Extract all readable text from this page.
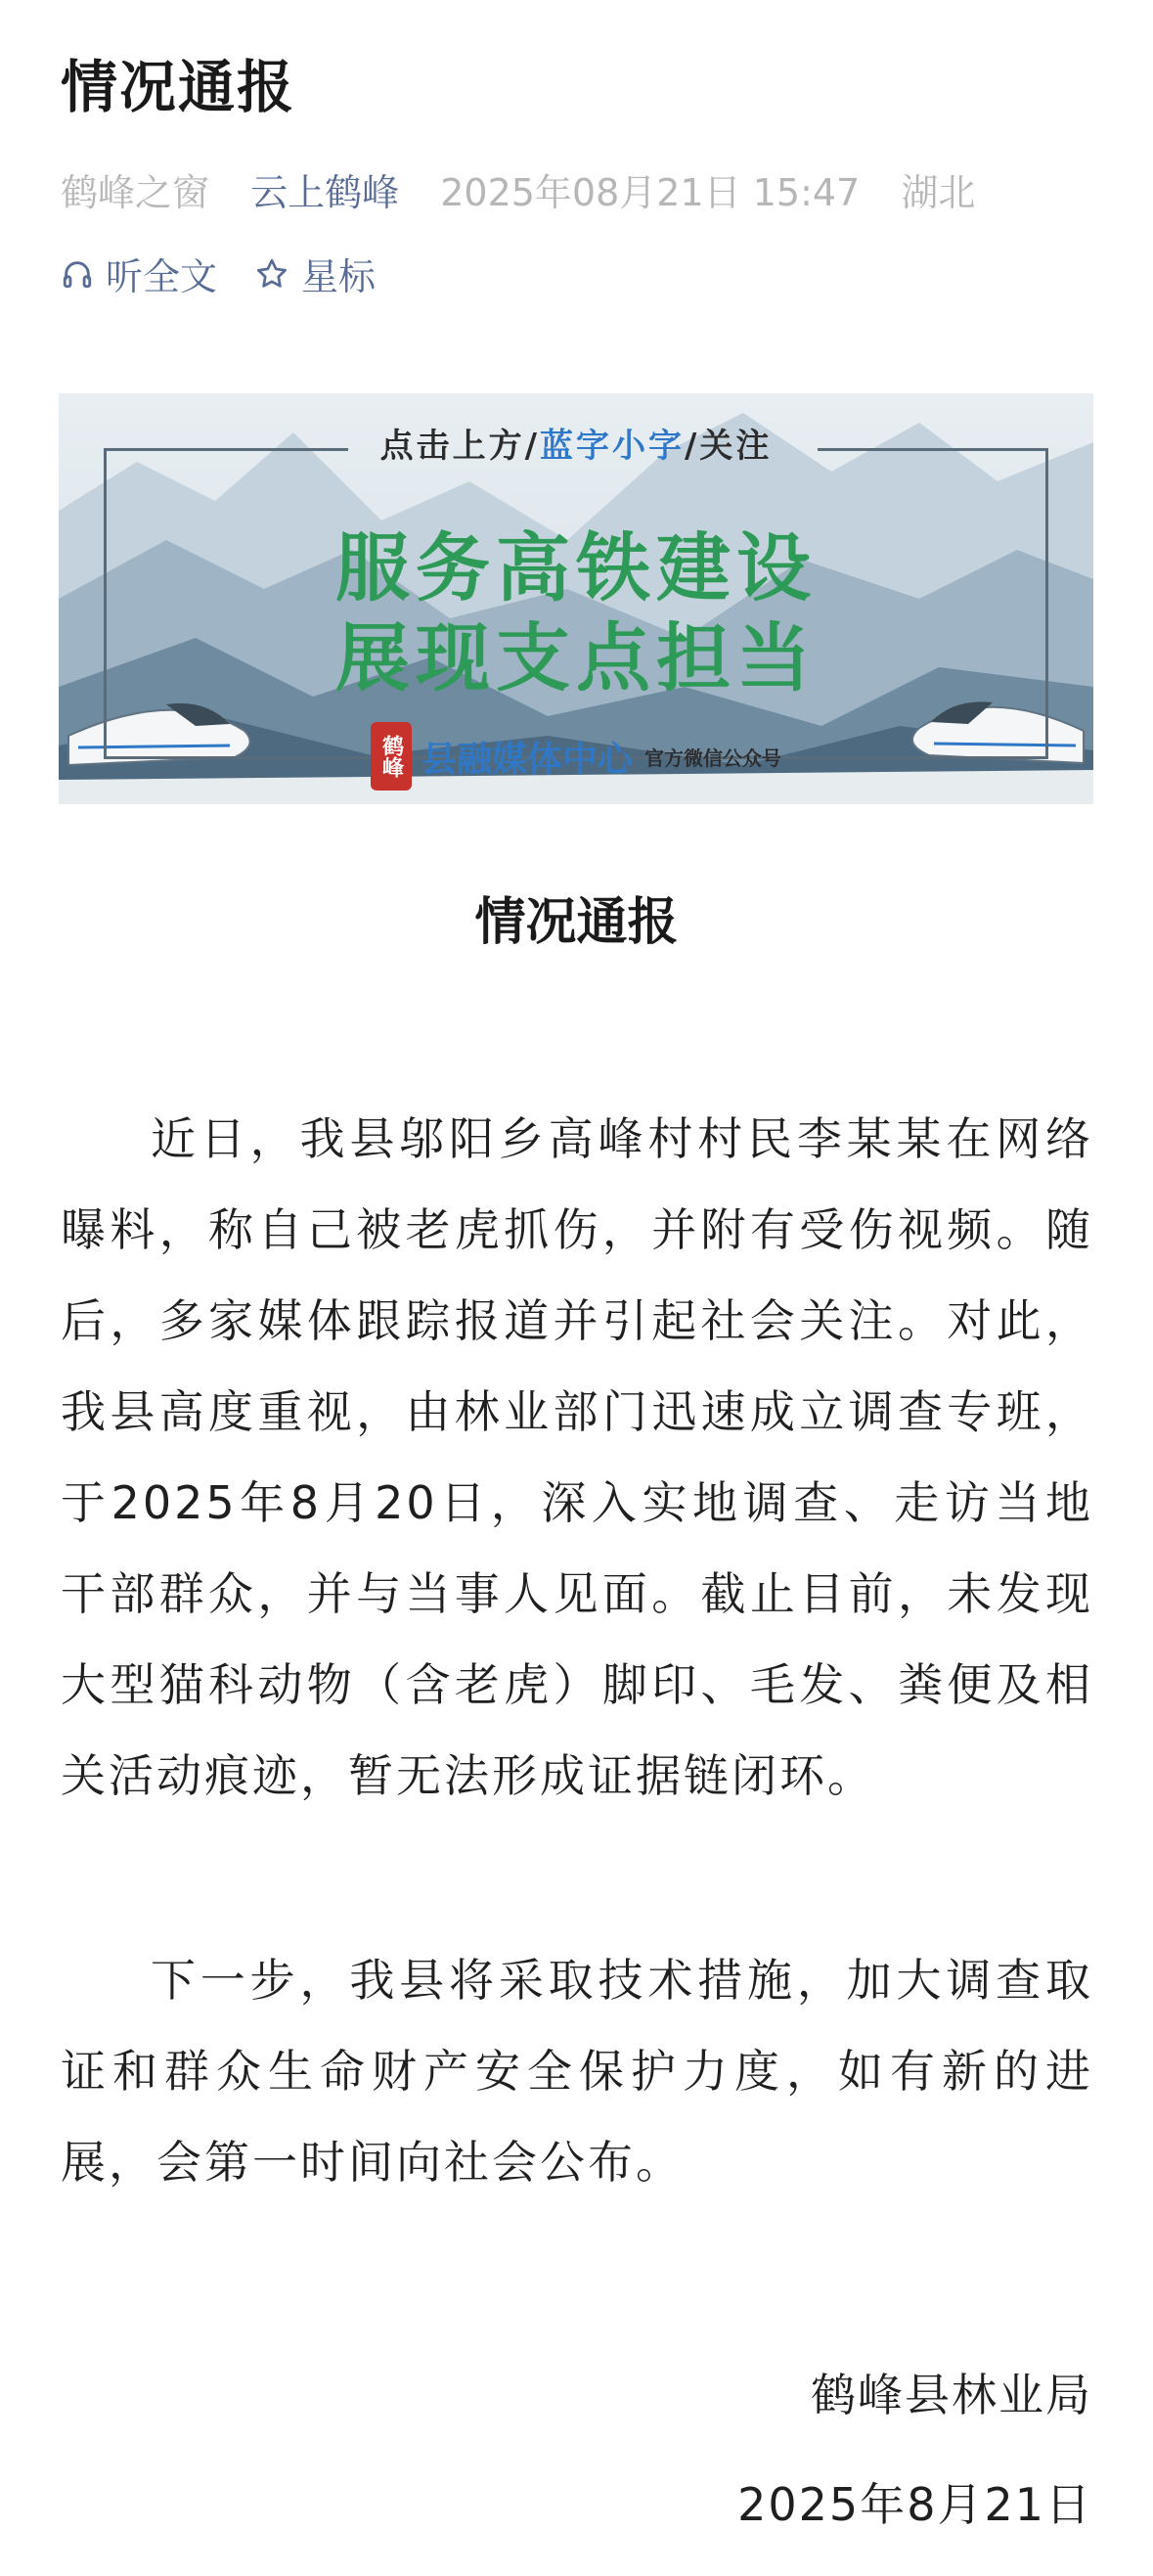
情况通报
鹤峰之窗 云上鹤峰 2025年08月21日 15:47 湖北
听全文 星标
点击上方/蓝字小字/关注
服务高铁建设
展现支点担当
鹤峰 县融媒体中心 官方微信公众号
情况通报

近日，我县邬阳乡高峰村村民李某某在网络曝料，称自己被老虎抓伤，并附有受伤视频。随后，多家媒体跟踪报道并引起社会关注。对此，我县高度重视，由林业部门迅速成立调查专班，于2025年8月20日，深入实地调查、走访当地干部群众，并与当事人见面。截止目前，未发现大型猫科动物（含老虎）脚印、毛发、粪便及相关活动痕迹，暂无法形成证据链闭环。

下一步，我县将采取技术措施，加大调查取证和群众生命财产安全保护力度，如有新的进展，会第一时间向社会公布。

鹤峰县林业局
2025年8月21日
